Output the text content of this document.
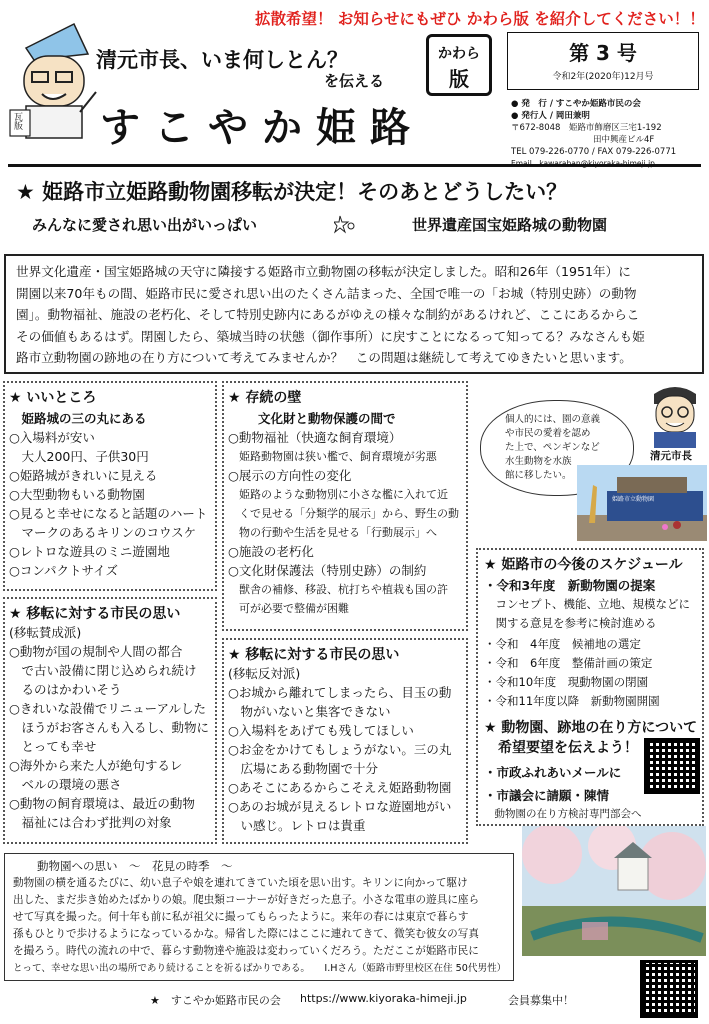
拡散希望！ お知らせにもぜひ かわら版 を紹介してください！！
瓦版
清元市長、いま何しとん？
を伝える
かわら
版
すこやか姫路
第 3 号
令和2年(2020年)12月号
● 発　行 / すこやか姫路市民の会
● 発行人 / 岡田兼明
〒672-8048　姫路市飾磨区三宅1-192
田中興産ビル4F
TEL 079-226-0770 / FAX 079-226-0771
★ 姫路市立姫路動物園移転が決定！そのあとどうしたい？
みんなに愛され思い出がいっぱい	世界遺産国宝姫路城の動物園
世界文化遺産・国宝姫路城の天守に隣接する姫路市立動物園の移転が決定しました。昭和26年（1951年）に
開園以来70年もの間、姫路市民に愛され思い出のたくさん詰まった、全国で唯一の「お城（特別史跡）の動物
園」。動物福祉、施設の老朽化、そして特別史跡内にあるがゆえの様々な制約があるけれど、ここにあるからこ
その価値もあるはず。閉園したら、築城当時の状態（御作事所）に戻すことになるって知ってる？みなさんも姫
路市立動物園の跡地の在り方について考えてみませんか？　この問題は継続して考えてゆきたいと思います。
★ いいところ
　姫路城の三の丸にある
○入場料が安い
　大人200円、子供30円
○姫路城がきれいに見える
○大型動物もいる動物園
○見ると幸せになると話題のハート
　マークのあるキリンのコウスケ
○レトロな遊具のミニ遊園地
○コンパクトサイズ
★ 存続の壁
文化財と動物保護の間で
○動物福祉（快適な飼育環境）
　姫路動物園は狭い檻で、飼育環境が劣悪
○展示の方向性の変化
　姫路のような動物別に小さな檻に入れて近
　くで見せる「分類学的展示」から、野生の動
　物の行動や生活を見せる「行動展示」へ
○施設の老朽化
○文化財保護法（特別史跡）の制約
　獣舎の補修、移設、杭打ちや植栽も国の許
　可が必要で整備が困難
個人的には、園の意義
や市民の愛着を認め
た上で、ペンギンなど
水生動物を水族
館に移したい。
清元市長
姫路市立動物園
★ 移転に対する市民の思い
(移転賛成派)
○動物が国の規制や人間の都合
　で古い設備に閉じ込められ続け
　るのはかわいそう
○きれいな設備でリニューアルした
　ほうがお客さんも入るし、動物に
　とっても幸せ
○海外から来た人が絶句するレ
　ベルの環境の悪さ
○動物の飼育環境は、最近の動物
　福祉には合わず批判の対象
★ 移転に対する市民の思い
(移転反対派)
○お城から離れてしまったら、目玉の動
　物がいないと集客できない
○入場料をあげても残してほしい
○お金をかけてもしょうがない。三の丸
　広場にある動物園で十分
○あそこにあるからこそええ姫路動物園
○あのお城が見えるレトロな遊園地がい
　い感じ。レトロは貴重
★ 姫路市の今後のスケジュール
・令和3年度　新動物園の提案
　コンセプト、機能、立地、規模などに
　関する意見を参考に検討進める
・令和　4年度　候補地の選定
・令和　6年度　整備計画の策定
・令和10年度　現動物園の閉園
・令和11年度以降　新動物園開園
★ 動物園、跡地の在り方について
希望要望を伝えよう！
・市政ふれあいメールに
・市議会に請願・陳情
　動物園の在り方検討専門部会へ
動物園への思い　～　花見の時季　～
動物園の横を通るたびに、幼い息子や娘を連れてきていた頃を思い出す。キリンに向かって駆け
出した、まだ歩き始めたばかりの娘。爬虫類コーナーが好きだった息子。小さな電車の遊具に座ら
せて写真を撮った。何十年も前に私が祖父に撮ってもらったように。来年の春には東京で暮らす
孫もひとりで歩けるようになっているかな。帰省した際にはここに連れてきて、微笑む彼女の写真
を撮ろう。時代の流れの中で、暮らす動物達や施設は変わっていくだろう。ただここが姫路市民に
とって、幸せな思い出の場所であり続けることを祈るばかりである。　　I.Hさん（姫路市野里校区在住 50代男性）
★　すこやか姫路市民の会 https://www.kiyoraka-himeji.jp	会員募集中！
